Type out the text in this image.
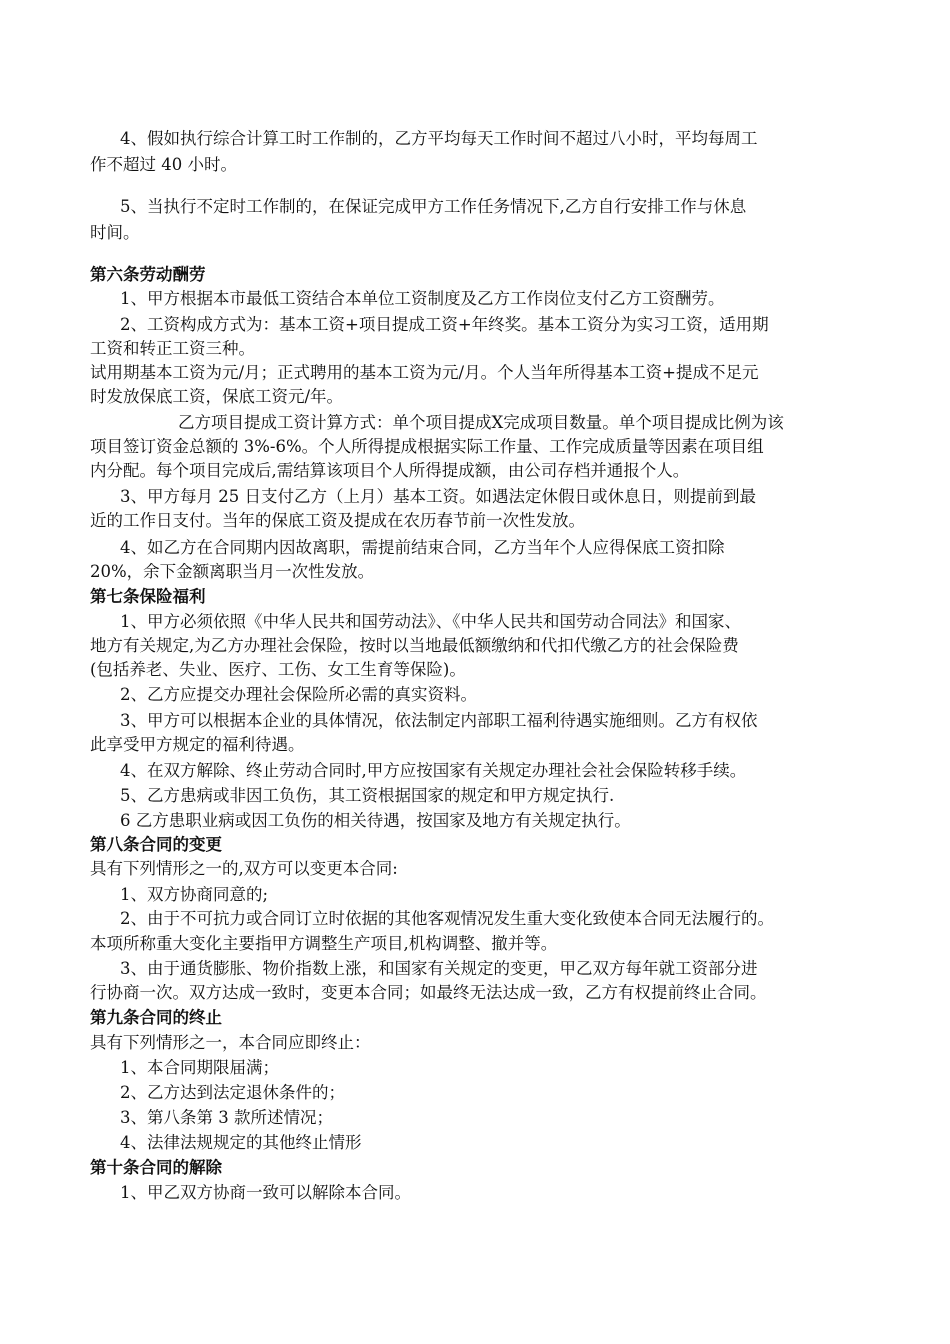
4、假如执行综合计算工时工作制的，乙方平均每天工作时间不超过八小时，平均每周工
作不超过 40 小时。
5、当执行不定时工作制的，在保证完成甲方工作任务情况下,乙方自行安排工作与休息
时间。
第六条劳动酬劳
1、甲方根据本市最低工资结合本单位工资制度及乙方工作岗位支付乙方工资酬劳。
2、工资构成方式为：基本工资+项目提成工资+年终奖。基本工资分为实习工资，适用期
工资和转正工资三种。
试用期基本工资为元/月；正式聘用的基本工资为元/月。个人当年所得基本工资+提成不足元
时发放保底工资，保底工资元/年。
乙方项目提成工资计算方式：单个项目提成Ⅹ完成项目数量。单个项目提成比例为该
项目签订资金总额的 3%-6%。个人所得提成根据实际工作量、工作完成质量等因素在项目组
内分配。每个项目完成后,需结算该项目个人所得提成额，由公司存档并通报个人。
3、甲方每月 25 日支付乙方（上月）基本工资。如遇法定休假日或休息日，则提前到最
近的工作日支付。当年的保底工资及提成在农历春节前一次性发放。
4、如乙方在合同期内因故离职，需提前结束合同，乙方当年个人应得保底工资扣除
20%，余下金额离职当月一次性发放。
第七条保险福利
1、甲方必须依照《中华人民共和国劳动法》、《中华人民共和国劳动合同法》和国家、
地方有关规定,为乙方办理社会保险，按时以当地最低额缴纳和代扣代缴乙方的社会保险费
(包括养老、失业、医疗、工伤、女工生育等保险)。
2、乙方应提交办理社会保险所必需的真实资料。
3、甲方可以根据本企业的具体情况，依法制定内部职工福利待遇实施细则。乙方有权依
此享受甲方规定的福利待遇。
4、在双方解除、终止劳动合同时,甲方应按国家有关规定办理社会社会保险转移手续。
5、乙方患病或非因工负伤，其工资根据国家的规定和甲方规定执行.
6 乙方患职业病或因工负伤的相关待遇，按国家及地方有关规定执行。
第八条合同的变更
具有下列情形之一的,双方可以变更本合同:
1、双方协商同意的;
2、由于不可抗力或合同订立时依据的其他客观情况发生重大变化致使本合同无法履行的。
本项所称重大变化主要指甲方调整生产项目,机构调整、撤并等。
3、由于通货膨胀、物价指数上涨，和国家有关规定的变更，甲乙双方每年就工资部分进
行协商一次。双方达成一致时，变更本合同；如最终无法达成一致，乙方有权提前终止合同。
第九条合同的终止
具有下列情形之一，本合同应即终止：
1、本合同期限届满；
2、乙方达到法定退休条件的；
3、第八条第 3 款所述情况；
4、法律法规规定的其他终止情形
第十条合同的解除
1、甲乙双方协商一致可以解除本合同。
